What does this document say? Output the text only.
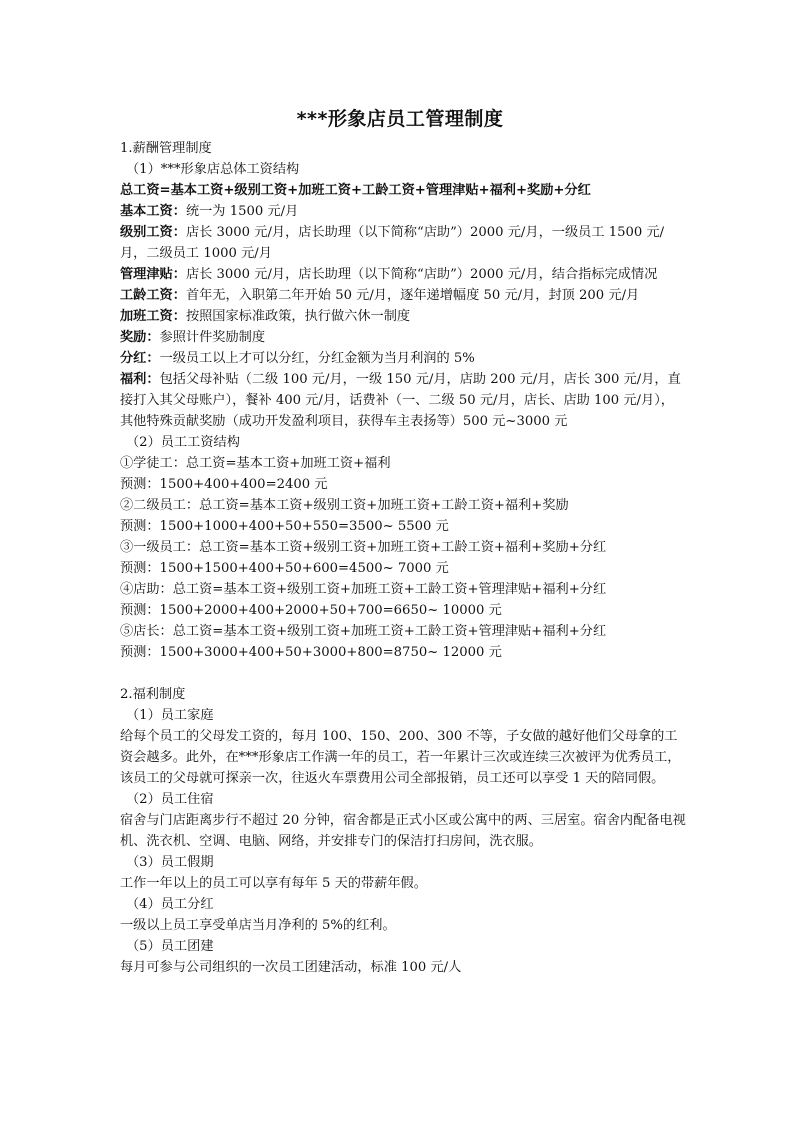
***形象店员工管理制度

1.薪酬管理制度

（1）***形象店总体工资结构

总工资=基本工资+级别工资+加班工资+工龄工资+管理津贴+福利+奖励+分红

基本工资：统一为 1500 元/月

级别工资：店长 3000 元/月，店长助理（以下简称“店助”）2000 元/月，一级员工 1500 元/月，二级员工 1000 元/月

管理津贴：店长 3000 元/月，店长助理（以下简称“店助”）2000 元/月，结合指标完成情况

工龄工资：首年无，入职第二年开始 50 元/月，逐年递增幅度 50 元/月，封顶 200 元/月

加班工资：按照国家标准政策，执行做六休一制度

奖励：参照计件奖励制度

分红：一级员工以上才可以分红，分红金额为当月利润的 5%

福利：包括父母补贴（二级 100 元/月，一级 150 元/月，店助 200 元/月，店长 300 元/月，直接打入其父母账户），餐补 400 元/月，话费补（一、二级 50 元/月，店长、店助 100 元/月），其他特殊贡献奖励（成功开发盈利项目，获得车主表扬等）500 元~3000 元

（2）员工工资结构

①学徒工：总工资=基本工资+加班工资+福利

预测：1500+400+400=2400 元

②二级员工：总工资=基本工资+级别工资+加班工资+工龄工资+福利+奖励

预测：1500+1000+400+50+550=3500~ 5500 元

③一级员工：总工资=基本工资+级别工资+加班工资+工龄工资+福利+奖励+分红

预测：1500+1500+400+50+600=4500~ 7000 元

④店助：总工资=基本工资+级别工资+加班工资+工龄工资+管理津贴+福利+分红

预测：1500+2000+400+2000+50+700=6650~ 10000 元

⑤店长：总工资=基本工资+级别工资+加班工资+工龄工资+管理津贴+福利+分红

预测：1500+3000+400+50+3000+800=8750~ 12000 元

2.福利制度

（1）员工家庭

给每个员工的父母发工资的，每月 100、150、200、300 不等，子女做的越好他们父母拿的工资会越多。此外，在***形象店工作满一年的员工，若一年累计三次或连续三次被评为优秀员工，该员工的父母就可探亲一次，往返火车票费用公司全部报销，员工还可以享受 1 天的陪同假。

（2）员工住宿

宿舍与门店距离步行不超过 20 分钟，宿舍都是正式小区或公寓中的两、三居室。宿舍内配备电视机、洗衣机、空调、电脑、网络，并安排专门的保洁打扫房间，洗衣服。

（3）员工假期

工作一年以上的员工可以享有每年 5 天的带薪年假。

（4）员工分红

一级以上员工享受单店当月净利的 5%的红利。

（5）员工团建

每月可参与公司组织的一次员工团建活动，标准 100 元/人
